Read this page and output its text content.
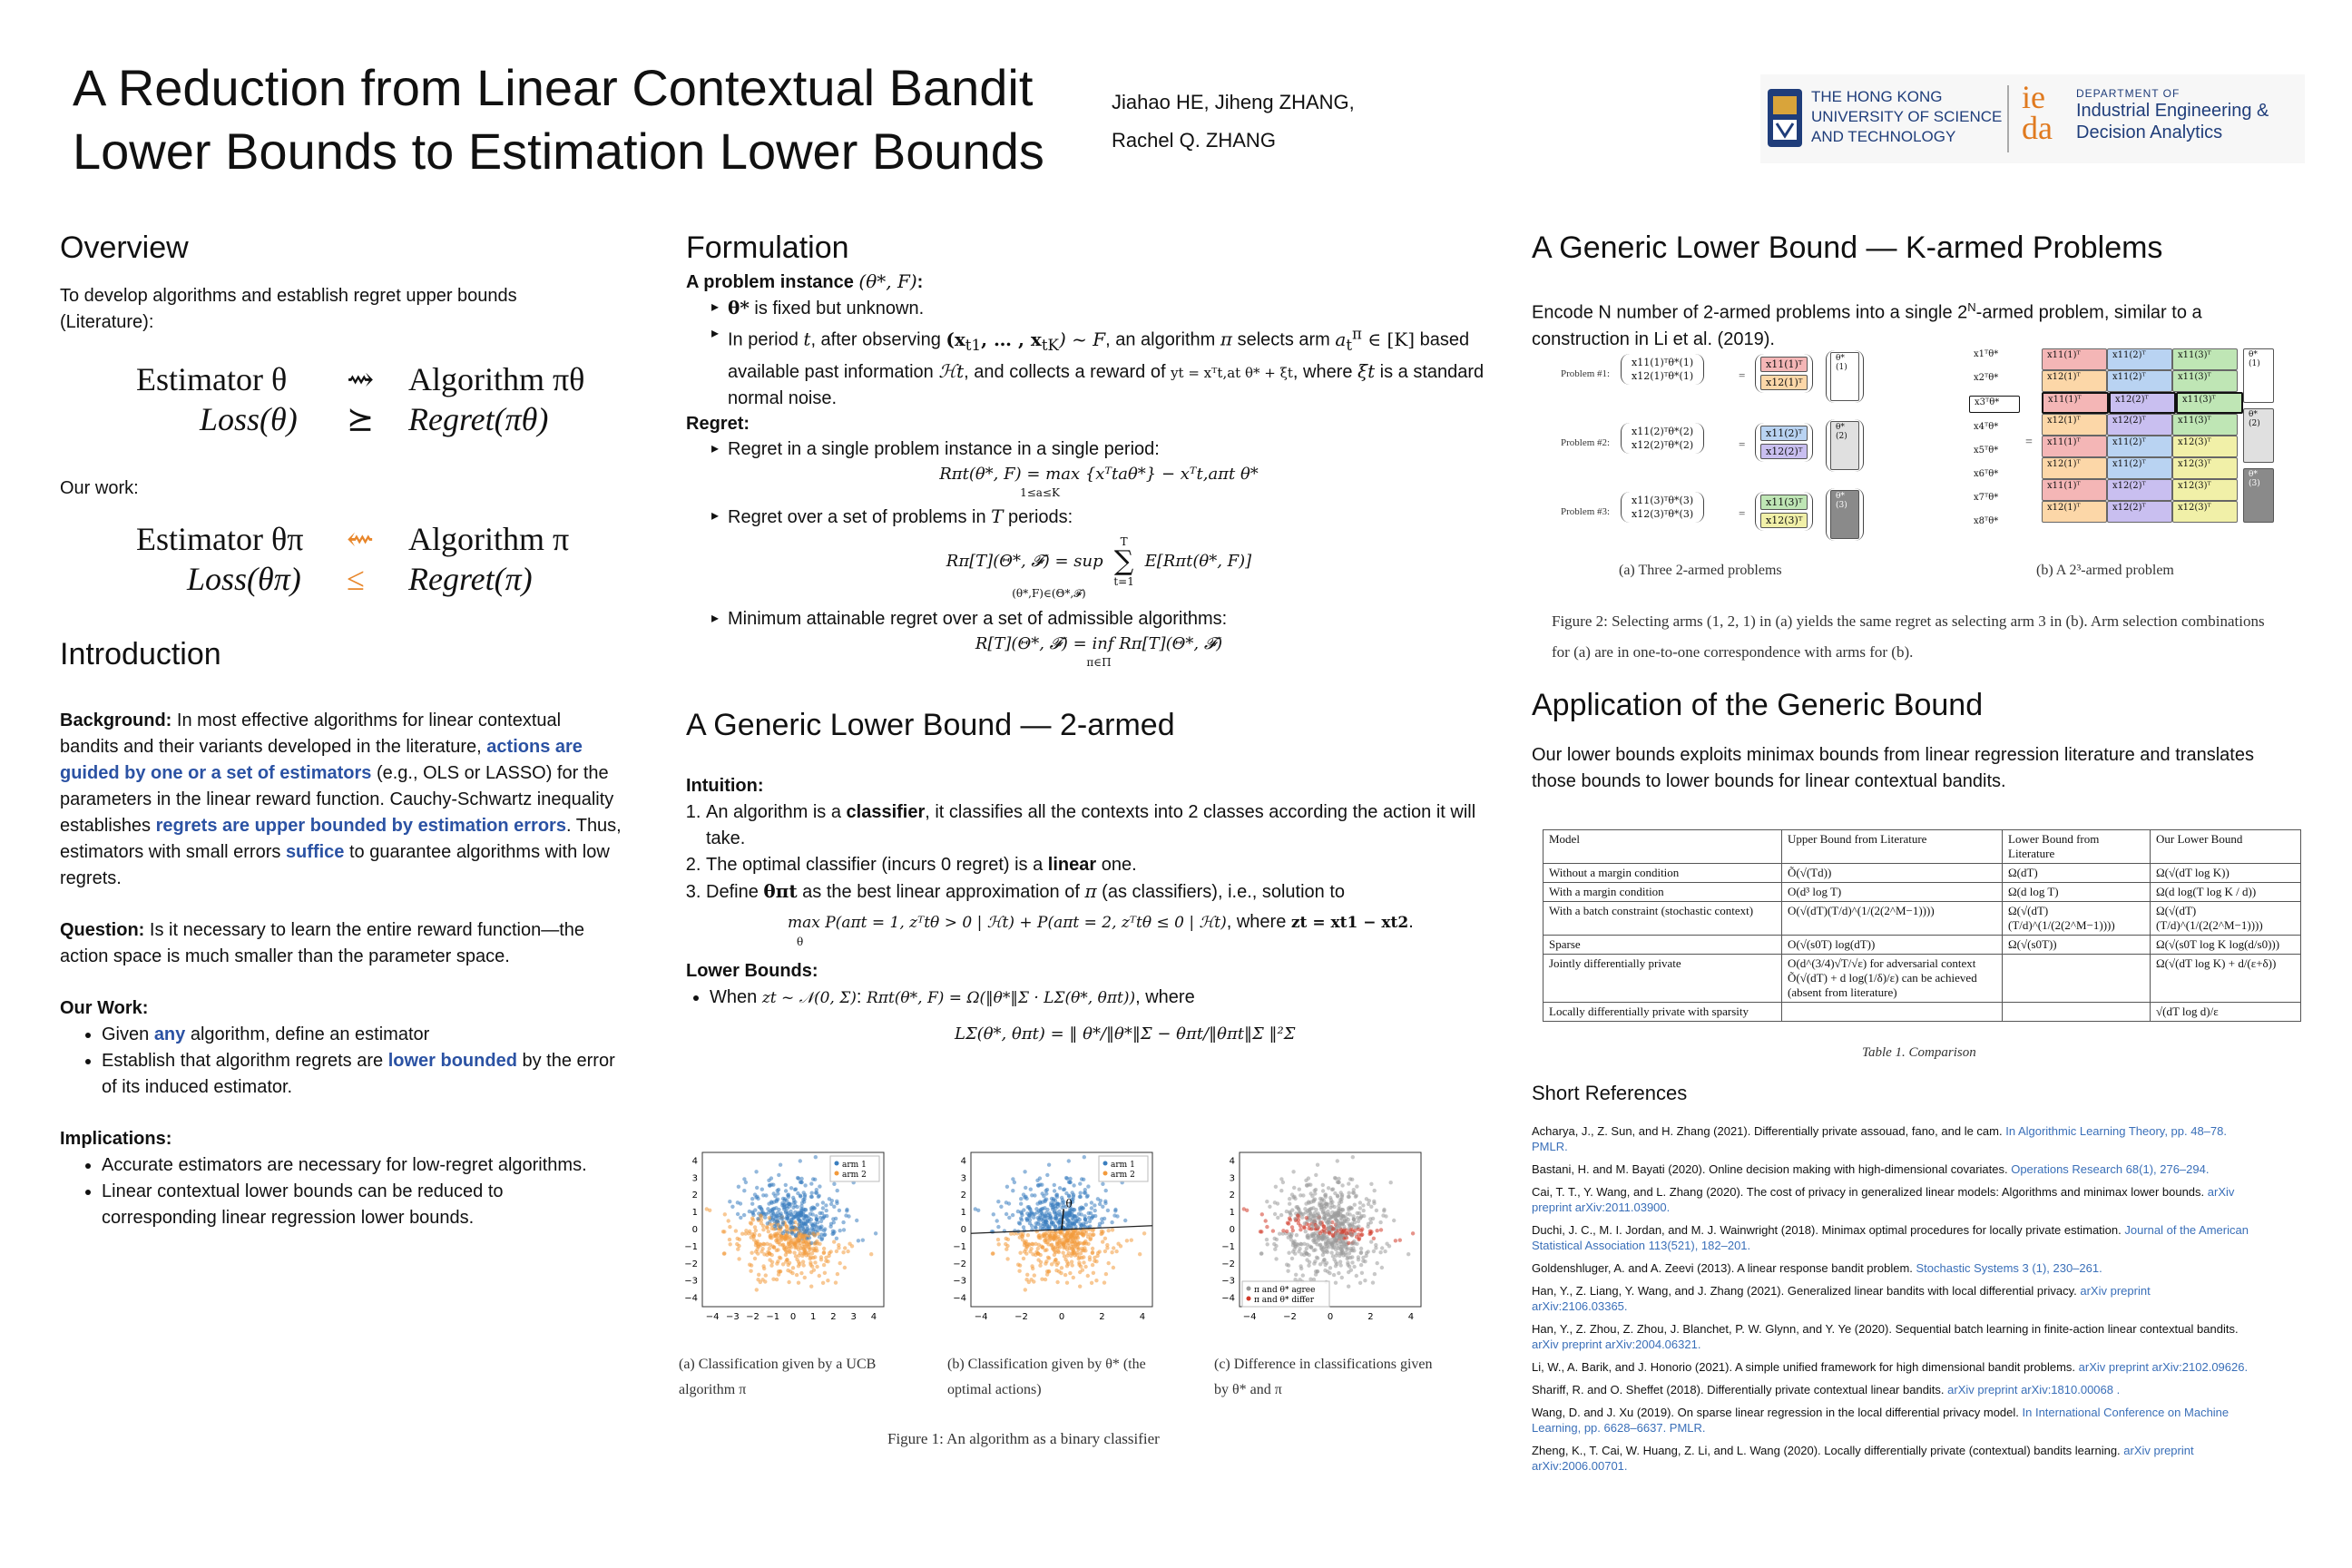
A Reduction from Linear Contextual Bandit
Lower Bounds to Estimation Lower Bounds
Jiahao HE, Jiheng ZHANG,
Rachel Q. ZHANG
THE HONG KONG
UNIVERSITY OF SCIENCE
AND TECHNOLOGY
ie da
DEPARTMENT OF
Industrial Engineering &
Decision Analytics
Overview
To develop algorithms and establish regret upper bounds (Literature):
Estimator θ ⇝ Algorithm πθ
Loss(θ) ⪰ Regret(πθ)
Our work:
Estimator θπ ⇜ Algorithm π
Loss(θπ) ≤ Regret(π)
Introduction
Background: In most effective algorithms for linear contextual bandits and their variants developed in the literature, actions are guided by one or a set of estimators (e.g., OLS or LASSO) for the parameters in the linear reward function. Cauchy-Schwartz inequality establishes regrets are upper bounded by estimation errors. Thus, estimators with small errors suffice to guarantee algorithms with low regrets.
Question: Is it necessary to learn the entire reward function—the action space is much smaller than the parameter space.
Our Work:
• Given any algorithm, define an estimator
• Establish that algorithm regrets are lower bounded by the error of its induced estimator.
Implications:
• Accurate estimators are necessary for low-regret algorithms.
• Linear contextual lower bounds can be reduced to corresponding linear regression lower bounds.
Formulation
A problem instance (θ*, F):
▸ θ* is fixed but unknown.
▸ In period t, after observing ($x_{t1}$, … , $x_{tK}$) ~ F, an algorithm π selects arm $a_t^\pi$ ∈ [K] based available past information ℋt, and collects a reward of yt = xᵀt,at θ* + ξt, where ξt is a standard normal noise.
Regret:
▸ Regret in a single problem instance in a single period:
Rπt(θ*, F) = max {xᵀtaθ*} − xᵀt,aπt θ*
1≤a≤K
▸ Regret over a set of problems in T periods:
Rπ[T](Θ*, 𝓕) = sup
T
∑
t=1
E[Rπt(θ*, F)]
(θ*,F)∈(Θ*,𝓕)
▸ Minimum attainable regret over a set of admissible algorithms:
R[T](Θ*, 𝓕) = inf Rπ[T](Θ*, 𝓕)
π∈Π
A Generic Lower Bound — 2-armed
Intuition:
1. An algorithm is a classifier, it classifies all the contexts into 2 classes according the action it will take.
2. The optimal classifier (incurs 0 regret) is a linear one.
3. Define θπt as the best linear approximation of π (as classifiers), i.e., solution to
max P(aπt = 1, zᵀtθ > 0 | ℋt) + P(aπt = 2, zᵀtθ ≤ 0 | ℋt), where zt = xt1 − xt2.
θ
Lower Bounds:
• When zt ~ 𝒩(0, Σ): Rπt(θ*, F) = Ω(‖θ*‖Σ · LΣ(θ*, θπt)), where
LΣ(θ*, θπt) = ‖ θ*/‖θ*‖Σ − θπt/‖θπt‖Σ ‖²Σ
−4 −3 −2 −1 0 1 2 3 4
4
3
2
1
0
−1
−2
−3
−4
arm 1
arm 2
θ
−4	−2	0	2	4
4
3
2
1
0
−1
−2
−3
−4
arm 1
arm 2
−4	−2	0	2	4
4
3
2
1
0
−1
−2
−3
−4
π and θ* agree
π and θ* differ
(a) Classification given by a UCB algorithm π
(b) Classification given by θ* (the optimal actions)
(c) Difference in classifications given by θ* and π
Figure 1: An algorithm as a binary classifier
A Generic Lower Bound — K-armed Problems
Encode N number of 2-armed problems into a single $2^N$-armed problem, similar to a construction in Li et al. (2019).
Problem #1:
x11(1)ᵀθ*(1)
x12(1)ᵀθ*(1)	=
x11(1)ᵀ
x12(1)ᵀ
θ*(1)
Problem #2:
x11(2)ᵀθ*(2)
x12(2)ᵀθ*(2)	=
x11(2)ᵀ
x12(2)ᵀ
θ*(2)
Problem #3:
x11(3)ᵀθ*(3)
x12(3)ᵀθ*(3)	=
x11(3)ᵀ
x12(3)ᵀ
θ*(3)
x1ᵀθ*
x2ᵀθ*
x3ᵀθ*
x4ᵀθ*
x5ᵀθ*
x6ᵀθ*
x7ᵀθ*
x8ᵀθ*
=
x11(1)ᵀ	x11(2)ᵀ	x11(3)ᵀ
x12(1)ᵀ	x11(2)ᵀ	x11(3)ᵀ
x11(1)ᵀ	x12(2)ᵀ	x11(3)ᵀ
x12(1)ᵀ	x12(2)ᵀ	x11(3)ᵀ
x11(1)ᵀ	x11(2)ᵀ	x12(3)ᵀ
x12(1)ᵀ	x11(2)ᵀ	x12(3)ᵀ
x11(1)ᵀ	x12(2)ᵀ	x12(3)ᵀ
x12(1)ᵀ	x12(2)ᵀ	x12(3)ᵀ
θ*(1)
θ*(2)
θ*(3)
(a) Three 2-armed problems	(b) A 2³-armed problem
Figure 2: Selecting arms (1, 2, 1) in (a) yields the same regret as selecting arm 3 in (b). Arm selection combinations for (a) are in one-to-one correspondence with arms for (b).
Application of the Generic Bound
Our lower bounds exploits minimax bounds from linear regression literature and translates those bounds to lower bounds for linear contextual bandits.
Model	Upper Bound from Literature	Lower Bound from Literature	Our Lower Bound
Without a margin condition	Õ(√(Td))	Ω(dT)	Ω(√(dT log K))
With a margin condition	O(d³ log T)	Ω(d log T)	Ω(d log(T log K / d))
With a batch constraint (stochastic context)	O(√(dT)(T/d)^(1/(2(2^M−1))))	Ω(√(dT)(T/d)^(1/(2(2^M−1))))	Ω(√(dT)(T/d)^(1/(2(2^M−1))))
Sparse	O(√(s0T) log(dT))	Ω(√(s0T))	Ω(√(s0T log K log(d/s0)))
Jointly differentially private	O(d^(3/4)√T/√ε) for adversarial context Õ(√(dT) + d log(1/δ)/ε) can be achieved (absent from literature)		Ω(√(dT log K) + d/(ε+δ))
Locally differentially private with sparsity			√(dT log d)/ε
Table 1. Comparison
Short References
Acharya, J., Z. Sun, and H. Zhang (2021). Differentially private assouad, fano, and le cam. In Algorithmic Learning Theory, pp. 48–78. PMLR.
Bastani, H. and M. Bayati (2020). Online decision making with high-dimensional covariates. Operations Research 68(1), 276–294.
Cai, T. T., Y. Wang, and L. Zhang (2020). The cost of privacy in generalized linear models: Algorithms and minimax lower bounds. arXiv preprint arXiv:2011.03900.
Duchi, J. C., M. I. Jordan, and M. J. Wainwright (2018). Minimax optimal procedures for locally private estimation. Journal of the American Statistical Association 113(521), 182–201.
Goldenshluger, A. and A. Zeevi (2013). A linear response bandit problem. Stochastic Systems 3 (1), 230–261.
Han, Y., Z. Liang, Y. Wang, and J. Zhang (2021). Generalized linear bandits with local differential privacy. arXiv preprint arXiv:2106.03365.
Han, Y., Z. Zhou, Z. Zhou, J. Blanchet, P. W. Glynn, and Y. Ye (2020). Sequential batch learning in finite-action linear contextual bandits. arXiv preprint arXiv:2004.06321.
Li, W., A. Barik, and J. Honorio (2021). A simple unified framework for high dimensional bandit problems. arXiv preprint arXiv:2102.09626.
Shariff, R. and O. Sheffet (2018). Differentially private contextual linear bandits. arXiv preprint arXiv:1810.00068 .
Wang, D. and J. Xu (2019). On sparse linear regression in the local differential privacy model. In International Conference on Machine Learning, pp. 6628–6637. PMLR.
Zheng, K., T. Cai, W. Huang, Z. Li, and L. Wang (2020). Locally differentially private (contextual) bandits learning. arXiv preprint arXiv:2006.00701.
